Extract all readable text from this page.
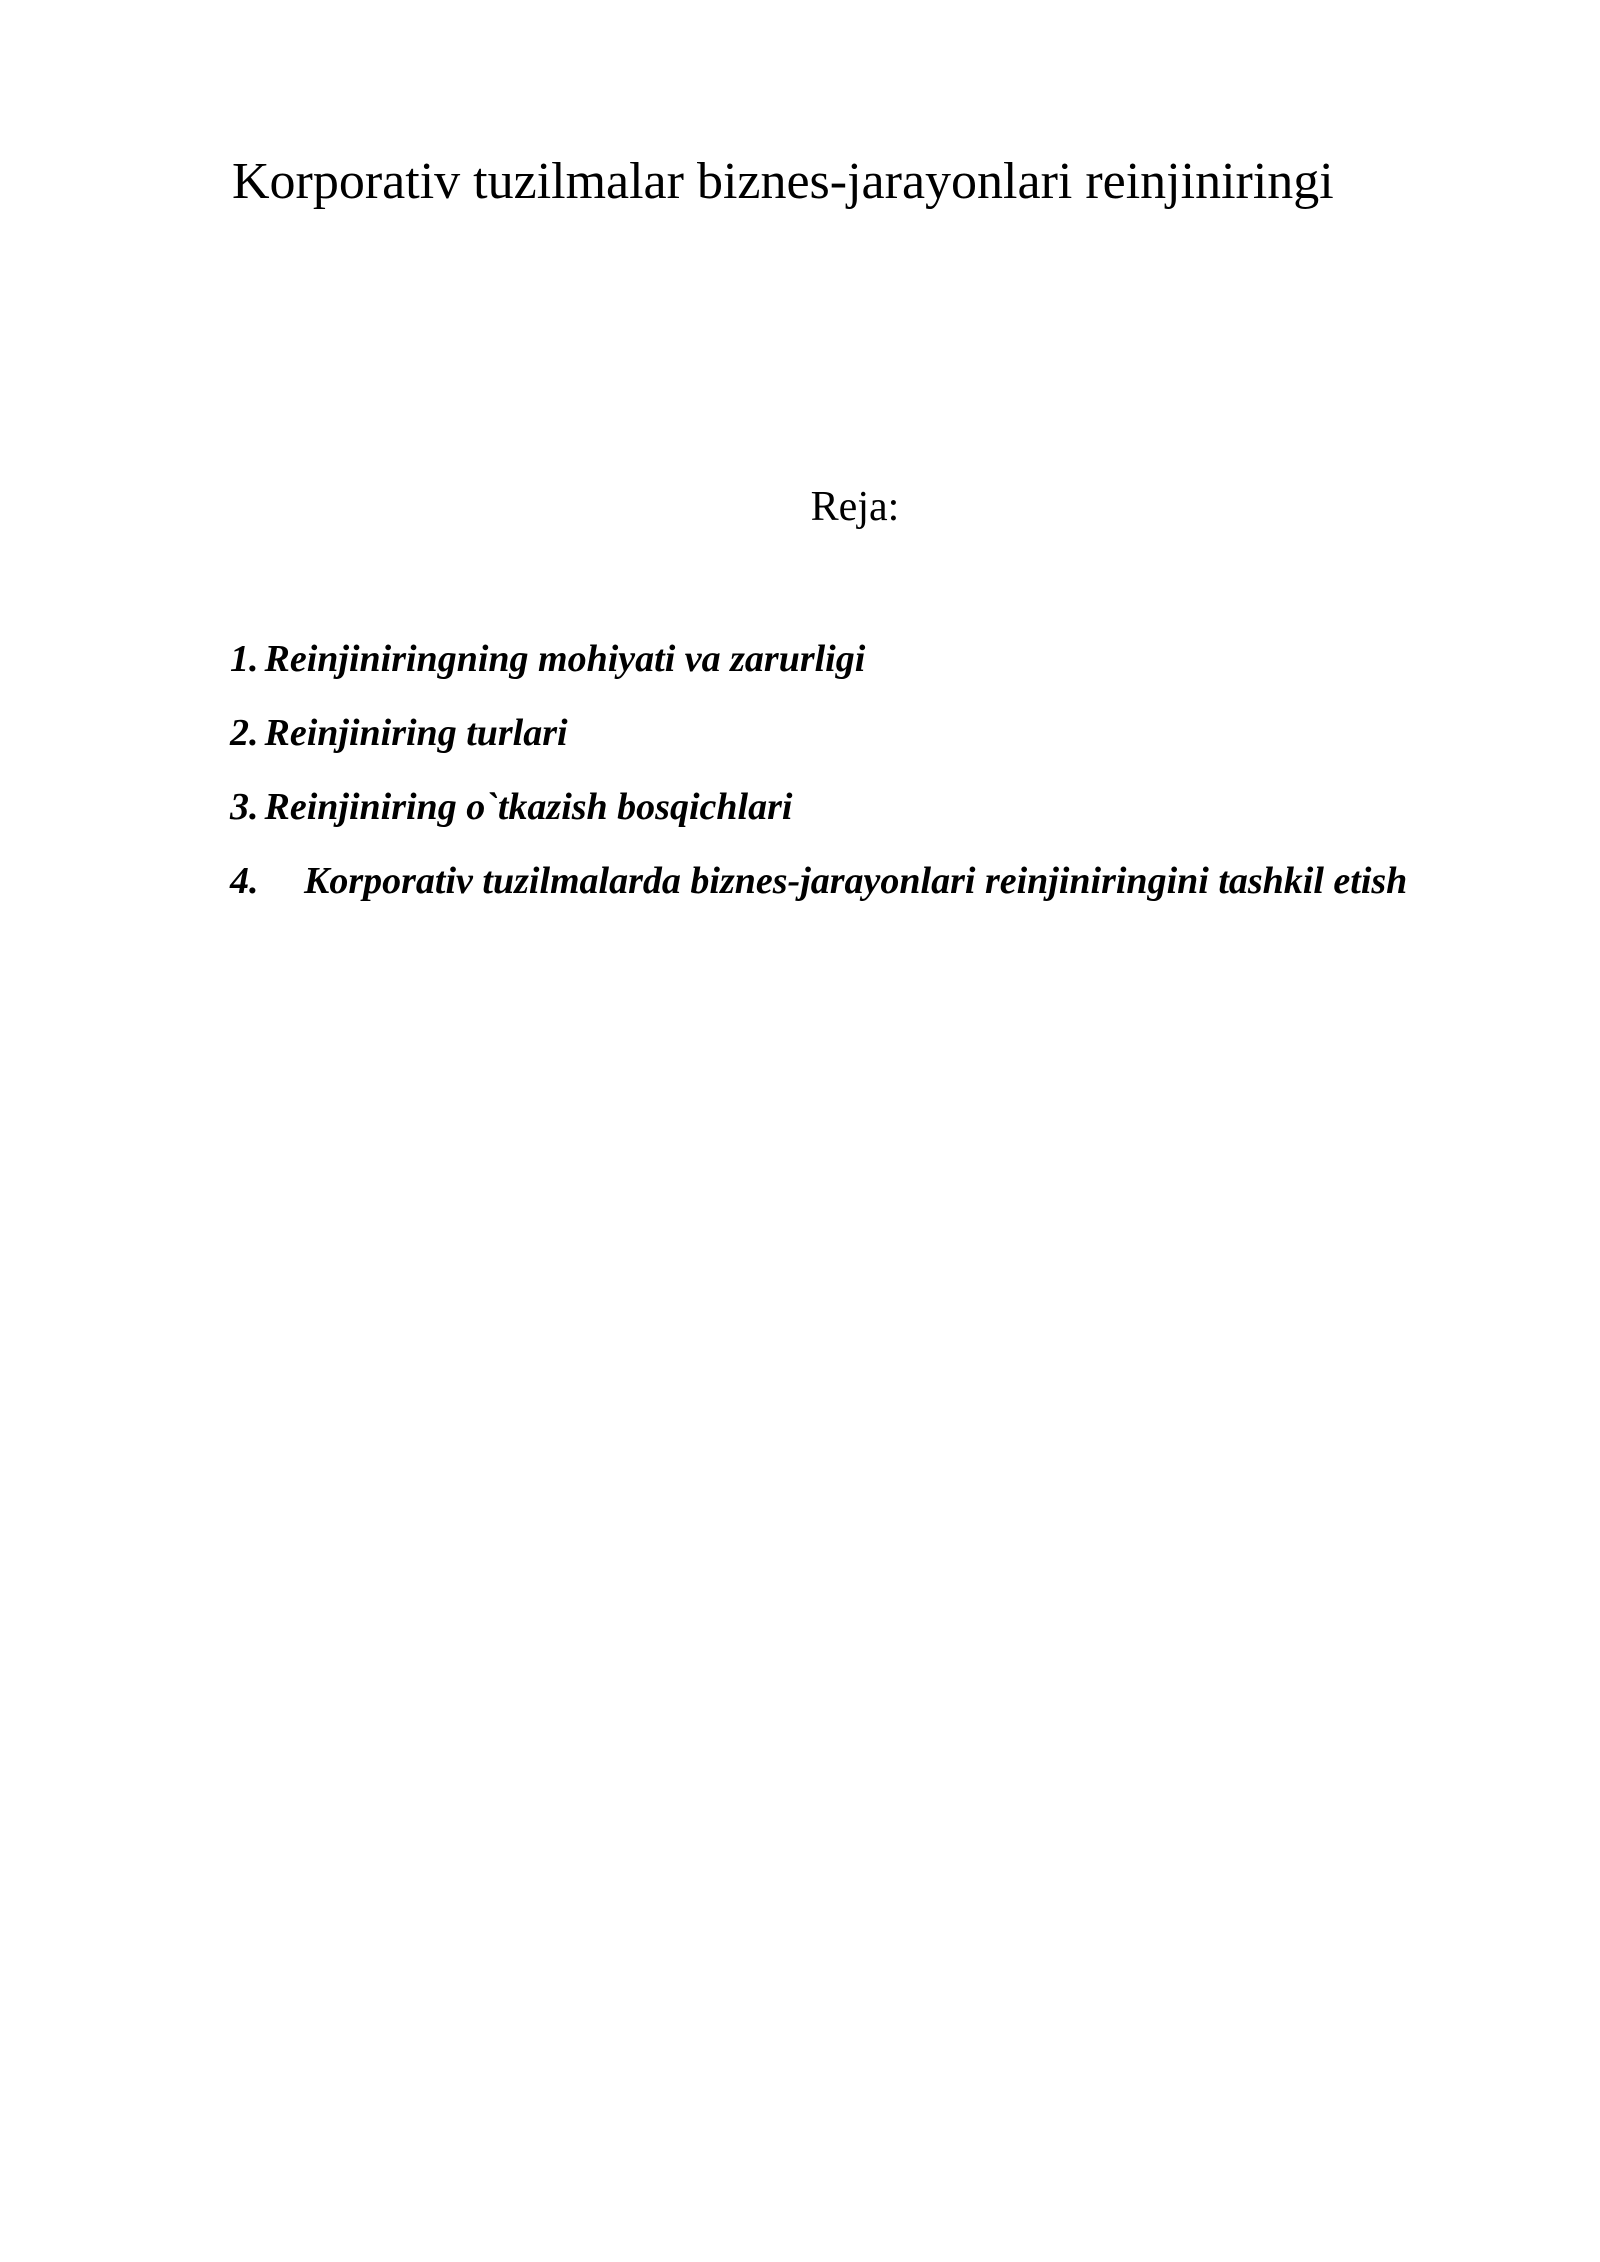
Korporativ tuzilmalar biznes-jarayonlari reinjiniringi
Reja:
1. Reinjiniringning mohiyati va zarurligi
2. Reinjiniring turlari
3. Reinjiniring o`tkazish bosqichlari
4. Korporativ tuzilmalarda biznes-jarayonlari reinjiniringini tashkil etish
